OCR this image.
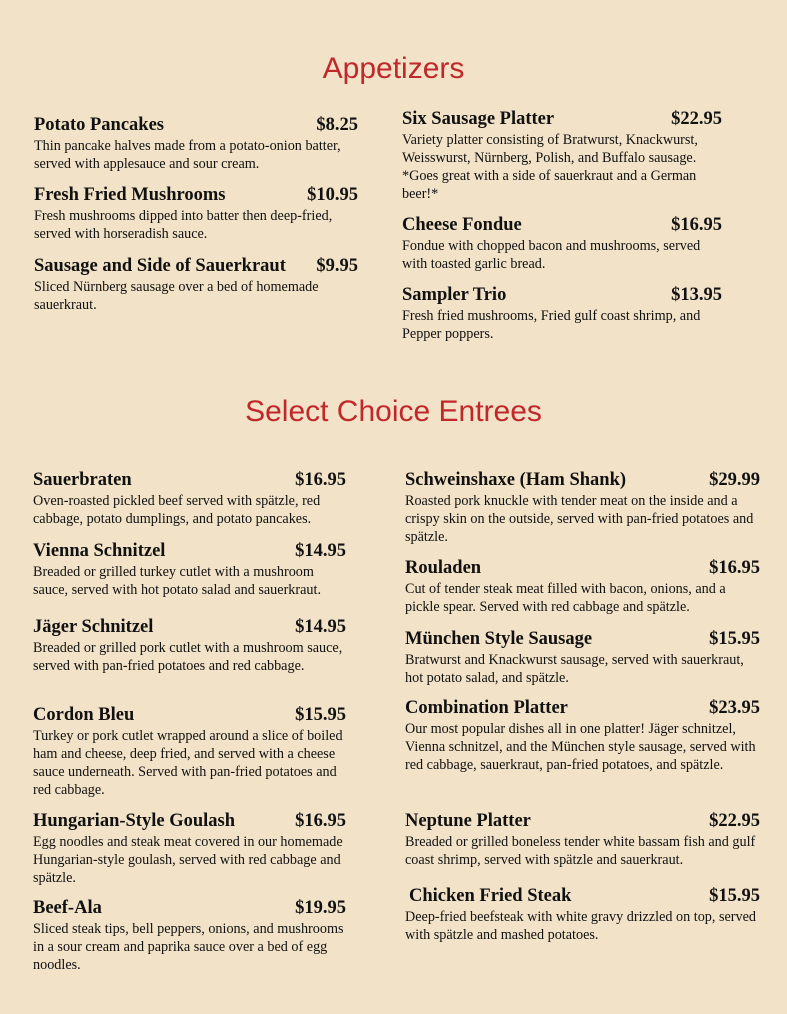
Appetizers
Potato Pancakes	$8.25
Thin pancake halves made from a potato-onion batter, served with applesauce and sour cream.
Fresh Fried Mushrooms	$10.95
Fresh mushrooms dipped into batter then deep-fried, served with horseradish sauce.
Sausage and Side of Sauerkraut $9.95
Sliced Nürnberg sausage over a bed of homemade sauerkraut.
Six Sausage Platter	$22.95
Variety platter consisting of Bratwurst, Knackwurst, Weisswurst, Nürnberg, Polish, and Buffalo sausage. *Goes great with a side of sauerkraut and a German beer!*
Cheese Fondue	$16.95
Fondue with chopped bacon and mushrooms, served with toasted garlic bread.
Sampler Trio	$13.95
Fresh fried mushrooms, Fried gulf coast shrimp, and Pepper poppers.
Select Choice Entrees
Sauerbraten	$16.95
Oven-roasted pickled beef served with spätzle, red cabbage, potato dumplings, and potato pancakes.
Vienna Schnitzel	$14.95
Breaded or grilled turkey cutlet with a mushroom sauce, served with hot potato salad and sauerkraut.
Jäger Schnitzel	$14.95
Breaded or grilled pork cutlet with a mushroom sauce, served with pan-fried potatoes and red cabbage.
Cordon Bleu	$15.95
Turkey or pork cutlet wrapped around a slice of boiled ham and cheese, deep fried, and served with a cheese sauce underneath. Served with pan-fried potatoes and red cabbage.
Hungarian-Style Goulash	$16.95
Egg noodles and steak meat covered in our homemade Hungarian-style goulash, served with red cabbage and spätzle.
Beef-Ala	$19.95
Sliced steak tips, bell peppers, onions, and mushrooms in a sour cream and paprika sauce over a bed of egg noodles.
Schweinshaxe (Ham Shank)	$29.99
Roasted pork knuckle with tender meat on the inside and a crispy skin on the outside, served with pan-fried potatoes and spätzle.
Rouladen	$16.95
Cut of tender steak meat filled with bacon, onions, and a pickle spear. Served with red cabbage and spätzle.
München Style Sausage	$15.95
Bratwurst and Knackwurst sausage, served with sauerkraut, hot potato salad, and spätzle.
Combination Platter	$23.95
Our most popular dishes all in one platter! Jäger schnitzel, Vienna schnitzel, and the München style sausage, served with red cabbage, sauerkraut, pan-fried potatoes, and spätzle.
Neptune Platter	$22.95
Breaded or grilled boneless tender white bassam fish and gulf coast shrimp, served with spätzle and sauerkraut.
Chicken Fried Steak	$15.95
Deep-fried beefsteak with white gravy drizzled on top, served with spätzle and mashed potatoes.
